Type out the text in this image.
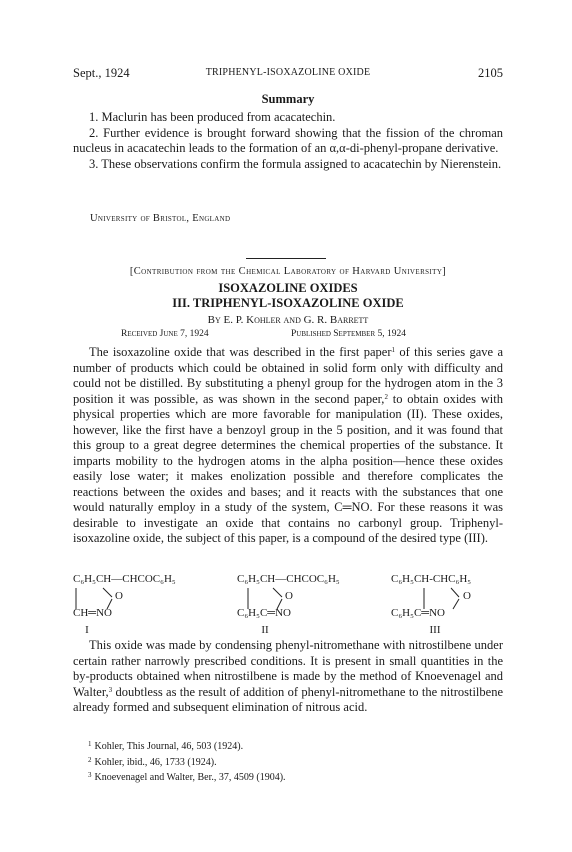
Sept., 1924	TRIPHENYL-ISOXAZOLINE OXIDE	2105
Summary

1. Maclurin has been produced from acacatechin.

2. Further evidence is brought forward showing that the fission of the chroman nucleus in acacatechin leads to the formation of an α,α-di-phenyl-propane derivative.

3. These observations confirm the formula assigned to acacatechin by Nierenstein.

University of Bristol, England
[Contribution from the Chemical Laboratory of Harvard University]
ISOXAZOLINE OXIDES
III. TRIPHENYL-ISOXAZOLINE OXIDE
By E. P. Kohler and G. R. Barrett
Received June 7, 1924	Published September 5, 1924

The isoxazoline oxide that was described in the first paper$^1$ of this series gave a number of products which could be obtained in solid form only with difficulty and could not be distilled. By substituting a phenyl group for the hydrogen atom in the 3 position it was possible, as was shown in the second paper,$^2$ to obtain oxides with physical properties which are more favorable for manipulation (II). These oxides, however, like the first have a benzoyl group in the 5 position, and it was found that this group to a great degree determines the chemical properties of the substance. It imparts mobility to the hydrogen atoms in the alpha position—hence these oxides easily lose water; it makes enolization possible and therefore complicates the reactions between the oxides and bases; and it reacts with the substances that one would naturally employ in a study of the system, C═NO. For these reasons it was desirable to investigate an oxide that contains no carbonyl group. Triphenyl-isoxazoline oxide, the subject of this paper, is a compound of the desired type (III).

C₆H₅CH—CHCOC₆H₅
O
CH═NO
I
C₆H₅CH—CHCOC₆H₅
O
C₆H₅C═NO
II
C₆H₅CH-CHC₆H₅
O
C₆H₅C═NO
III

This oxide was made by condensing phenyl-nitromethane with nitrostilbene under certain rather narrowly prescribed conditions. It is present in small quantities in the by-products obtained when nitrostilbene is made by the method of Knoevenagel and Walter,$^3$ doubtless as the result of addition of phenyl-nitromethane to the nitrostilbene already formed and subsequent elimination of nitrous acid.

$^1$ Kohler, This Journal, 46, 503 (1924).
$^2$ Kohler, ibid., 46, 1733 (1924).
$^3$ Knoevenagel and Walter, Ber., 37, 4509 (1904).
